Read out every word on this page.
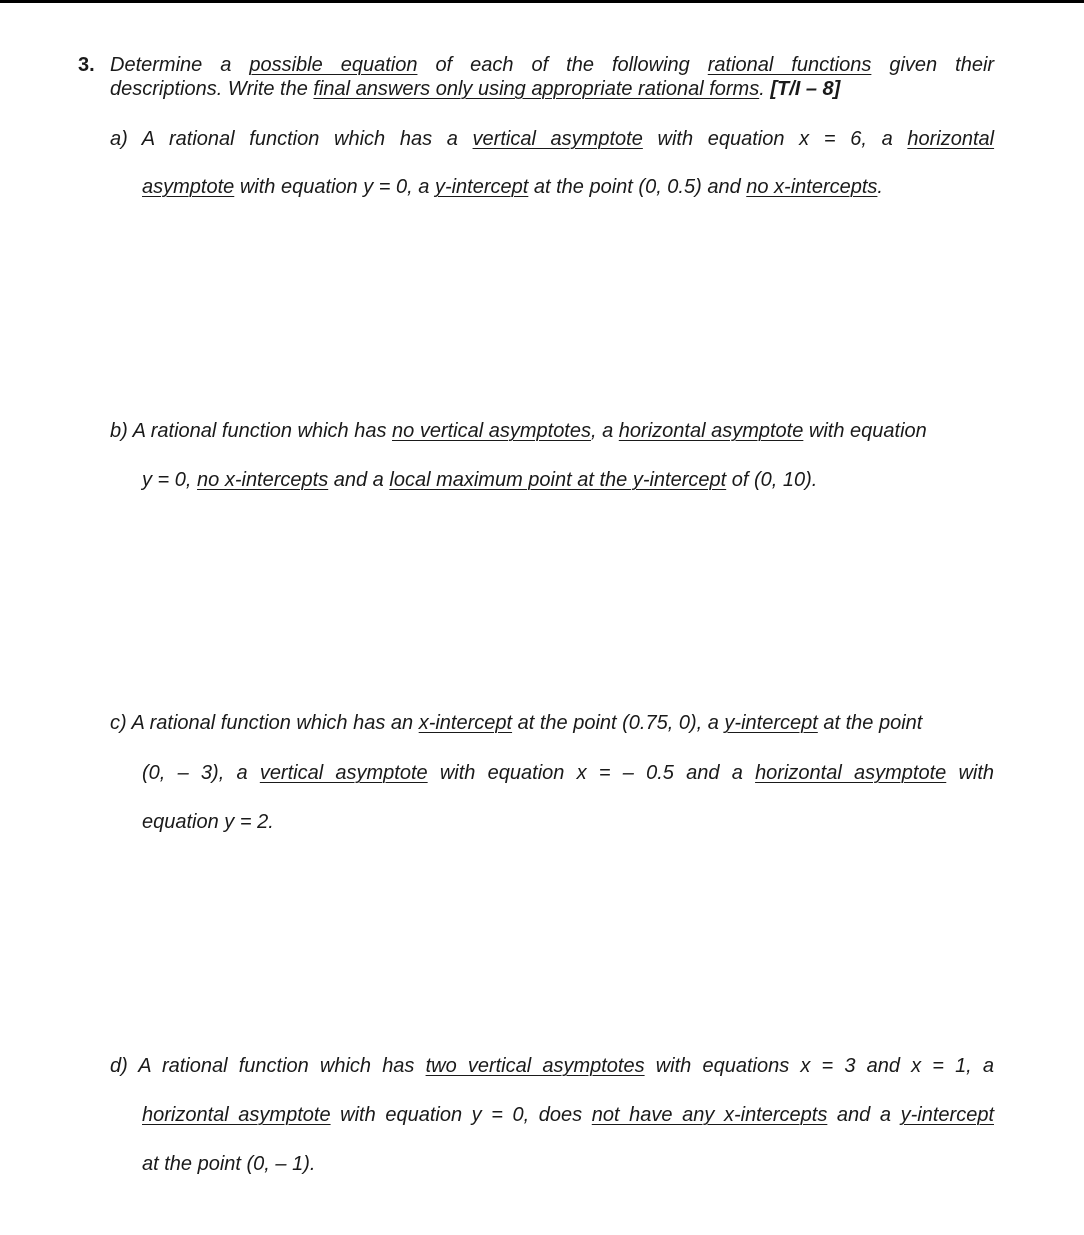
3. Determine a possible equation of each of the following rational functions given their
descriptions. Write the final answers only using appropriate rational forms. [T/I – 8]
a) A rational function which has a vertical asymptote with equation x = 6, a horizontal
asymptote with equation y = 0, a y-intercept at the point (0, 0.5) and no x-intercepts.
b) A rational function which has no vertical asymptotes, a horizontal asymptote with equation
y = 0, no x-intercepts and a local maximum point at the y-intercept of (0, 10).
c) A rational function which has an x-intercept at the point (0.75, 0), a y-intercept at the point
(0, – 3), a vertical asymptote with equation x = – 0.5 and a horizontal asymptote with
equation y = 2.
d) A rational function which has two vertical asymptotes with equations x = 3 and x = 1, a
horizontal asymptote with equation y = 0, does not have any x-intercepts and a y-intercept
at the point (0, – 1).
